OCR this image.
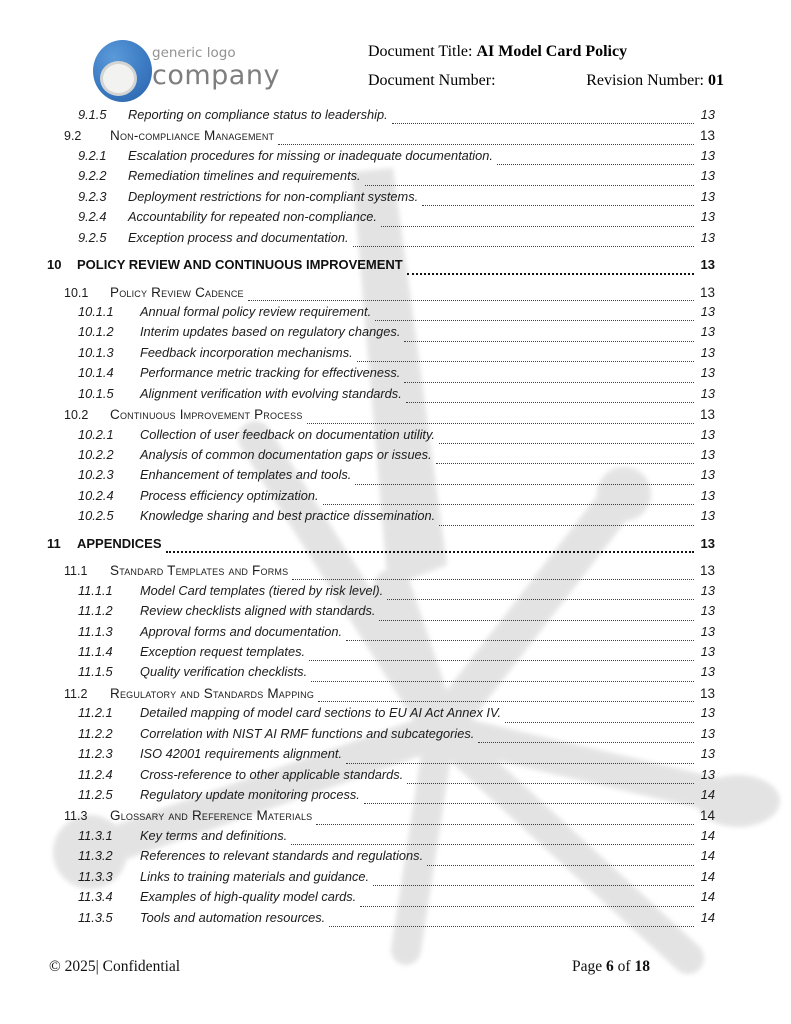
generic logo
company
Document Title: AI Model Card Policy
Document Number:	Revision Number: 01
9.1.5	Reporting on compliance status to leadership.	13
9.2	Non-compliance Management	13
9.2.1	Escalation procedures for missing or inadequate documentation.	13
9.2.2	Remediation timelines and requirements.	13
9.2.3	Deployment restrictions for non-compliant systems.	13
9.2.4	Accountability for repeated non-compliance.	13
9.2.5	Exception process and documentation.	13
10	POLICY REVIEW AND CONTINUOUS IMPROVEMENT	13
10.1	Policy Review Cadence	13
10.1.1	Annual formal policy review requirement.	13
10.1.2	Interim updates based on regulatory changes.	13
10.1.3	Feedback incorporation mechanisms.	13
10.1.4	Performance metric tracking for effectiveness.	13
10.1.5	Alignment verification with evolving standards.	13
10.2	Continuous Improvement Process	13
10.2.1	Collection of user feedback on documentation utility.	13
10.2.2	Analysis of common documentation gaps or issues.	13
10.2.3	Enhancement of templates and tools.	13
10.2.4	Process efficiency optimization.	13
10.2.5	Knowledge sharing and best practice dissemination.	13
11	APPENDICES	13
11.1	Standard Templates and Forms	13
11.1.1	Model Card templates (tiered by risk level).	13
11.1.2	Review checklists aligned with standards.	13
11.1.3	Approval forms and documentation.	13
11.1.4	Exception request templates.	13
11.1.5	Quality verification checklists.	13
11.2	Regulatory and Standards Mapping	13
11.2.1	Detailed mapping of model card sections to EU AI Act Annex IV.	13
11.2.2	Correlation with NIST AI RMF functions and subcategories.	13
11.2.3	ISO 42001 requirements alignment.	13
11.2.4	Cross-reference to other applicable standards.	13
11.2.5	Regulatory update monitoring process.	14
11.3	Glossary and Reference Materials	14
11.3.1	Key terms and definitions.	14
11.3.2	References to relevant standards and regulations.	14
11.3.3	Links to training materials and guidance.	14
11.3.4	Examples of high-quality model cards.	14
11.3.5	Tools and automation resources.	14
© 2025| Confidential	Page 6 of 18
